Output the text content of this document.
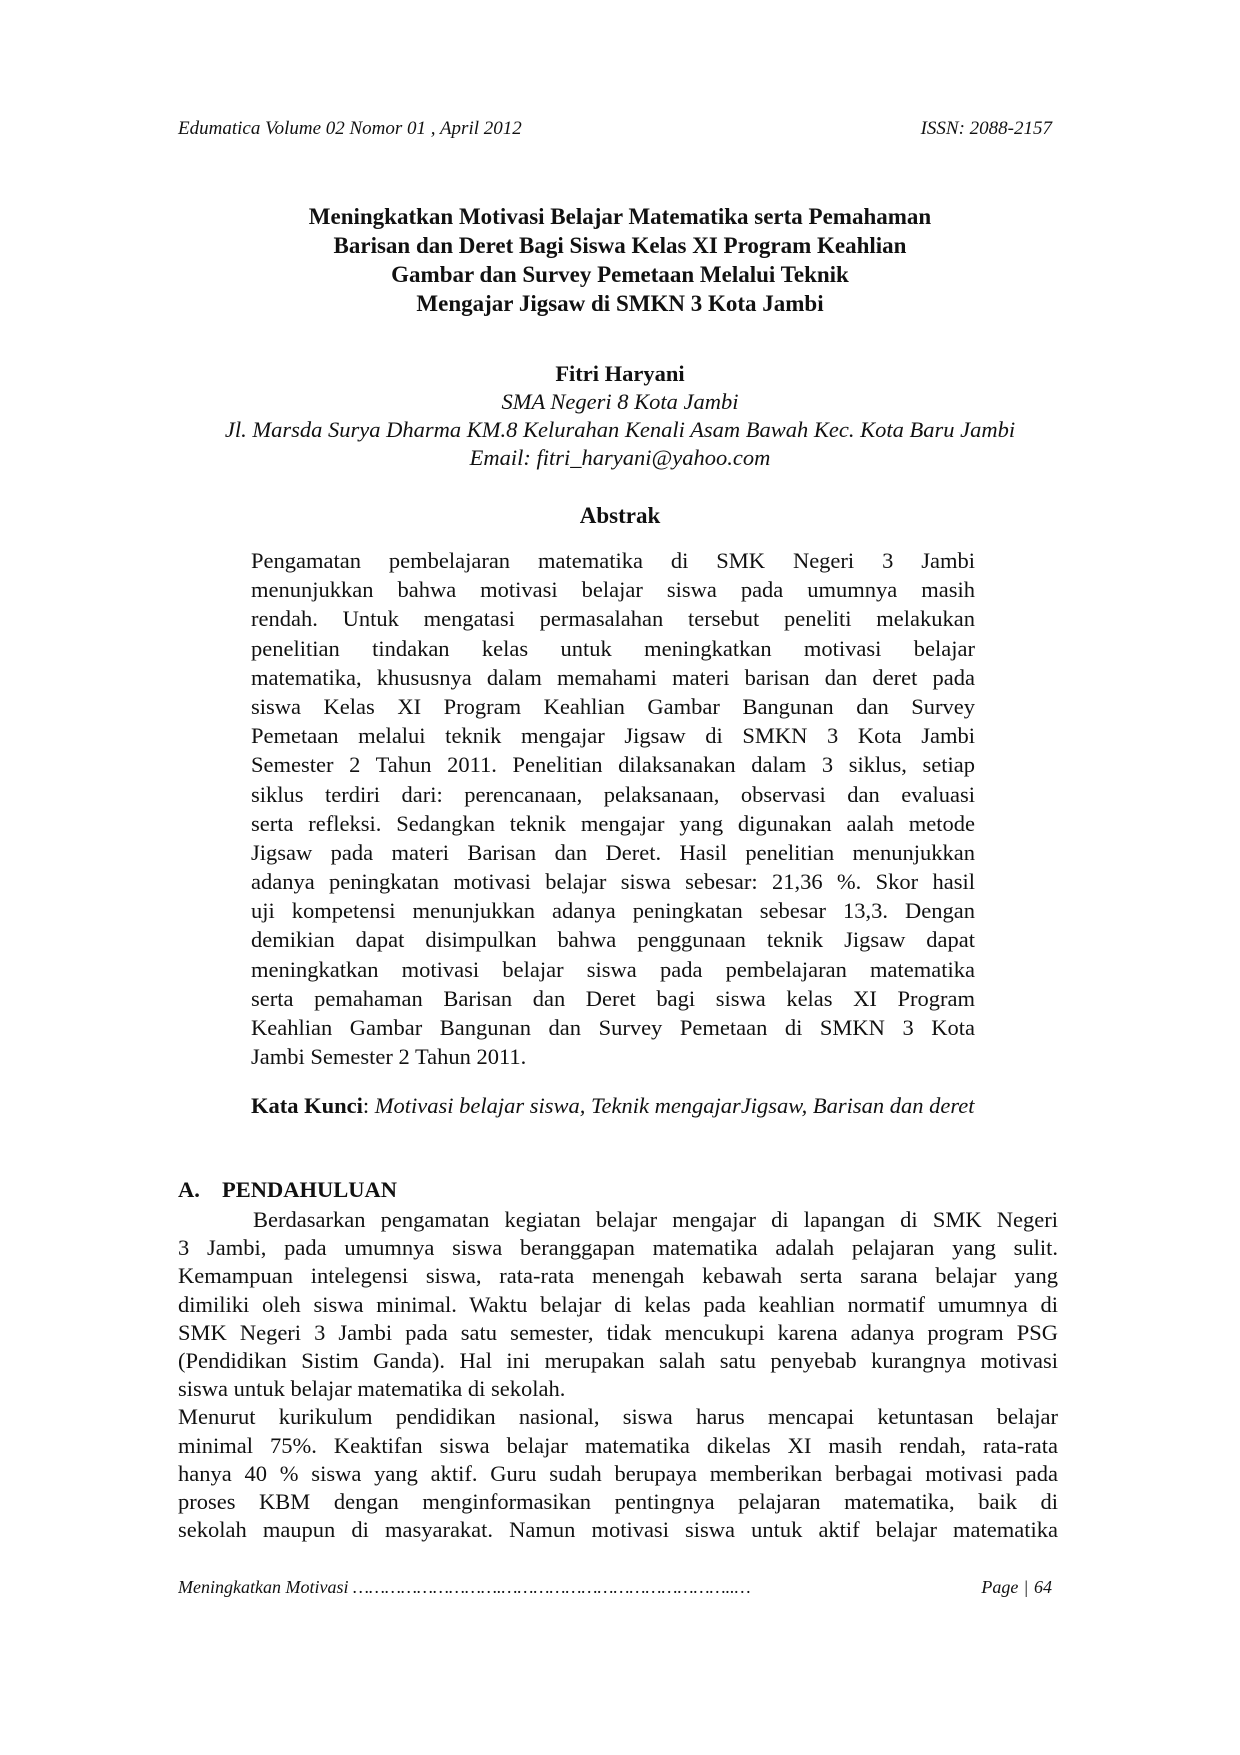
Edumatica Volume 02 Nomor 01 , April 2012	ISSN: 2088-2157
Meningkatkan Motivasi Belajar Matematika serta Pemahaman
Barisan dan Deret Bagi Siswa Kelas XI Program Keahlian
Gambar dan Survey Pemetaan Melalui Teknik
Mengajar Jigsaw di SMKN 3 Kota Jambi
Fitri Haryani
SMA Negeri 8 Kota Jambi
Jl. Marsda Surya Dharma KM.8 Kelurahan Kenali Asam Bawah Kec. Kota Baru Jambi
Email: fitri_haryani@yahoo.com
Abstrak
Pengamatan pembelajaran matematika di SMK Negeri 3 Jambi
menunjukkan bahwa motivasi belajar siswa pada umumnya masih
rendah. Untuk mengatasi permasalahan tersebut peneliti melakukan
penelitian tindakan kelas untuk meningkatkan motivasi belajar
matematika, khususnya dalam memahami materi barisan dan deret pada
siswa Kelas XI Program Keahlian Gambar Bangunan dan Survey
Pemetaan melalui teknik mengajar Jigsaw di SMKN 3 Kota Jambi
Semester 2 Tahun 2011. Penelitian dilaksanakan dalam 3 siklus, setiap
siklus terdiri dari: perencanaan, pelaksanaan, observasi dan evaluasi
serta refleksi. Sedangkan teknik mengajar yang digunakan aalah metode
Jigsaw pada materi Barisan dan Deret. Hasil penelitian menunjukkan
adanya peningkatan motivasi belajar siswa sebesar: 21,36 %. Skor hasil
uji kompetensi menunjukkan adanya peningkatan sebesar 13,3. Dengan
demikian dapat disimpulkan bahwa penggunaan teknik Jigsaw dapat
meningkatkan motivasi belajar siswa pada pembelajaran matematika
serta pemahaman Barisan dan Deret bagi siswa kelas XI Program
Keahlian Gambar Bangunan dan Survey Pemetaan di SMKN 3 Kota
Jambi Semester 2 Tahun 2011.
Kata Kunci: Motivasi belajar siswa, Teknik mengajarJigsaw, Barisan dan deret
A. PENDAHULUAN
Berdasarkan pengamatan kegiatan belajar mengajar di lapangan di SMK Negeri
3 Jambi, pada umumnya siswa beranggapan matematika adalah pelajaran yang sulit.
Kemampuan intelegensi siswa, rata-rata menengah kebawah serta sarana belajar yang
dimiliki oleh siswa minimal. Waktu belajar di kelas pada keahlian normatif umumnya di
SMK Negeri 3 Jambi pada satu semester, tidak mencukupi karena adanya program PSG
(Pendidikan Sistim Ganda). Hal ini merupakan salah satu penyebab kurangnya motivasi
siswa untuk belajar matematika di sekolah.
Menurut kurikulum pendidikan nasional, siswa harus mencapai ketuntasan belajar
minimal 75%. Keaktifan siswa belajar matematika dikelas XI masih rendah, rata-rata
hanya 40 % siswa yang aktif. Guru sudah berupaya memberikan berbagai motivasi pada
proses KBM dengan menginformasikan pentingnya pelajaran matematika, baik di
sekolah maupun di masyarakat. Namun motivasi siswa untuk aktif belajar matematika
Meningkatkan Motivasi ……………………….……………………………………..…	Page | 64
